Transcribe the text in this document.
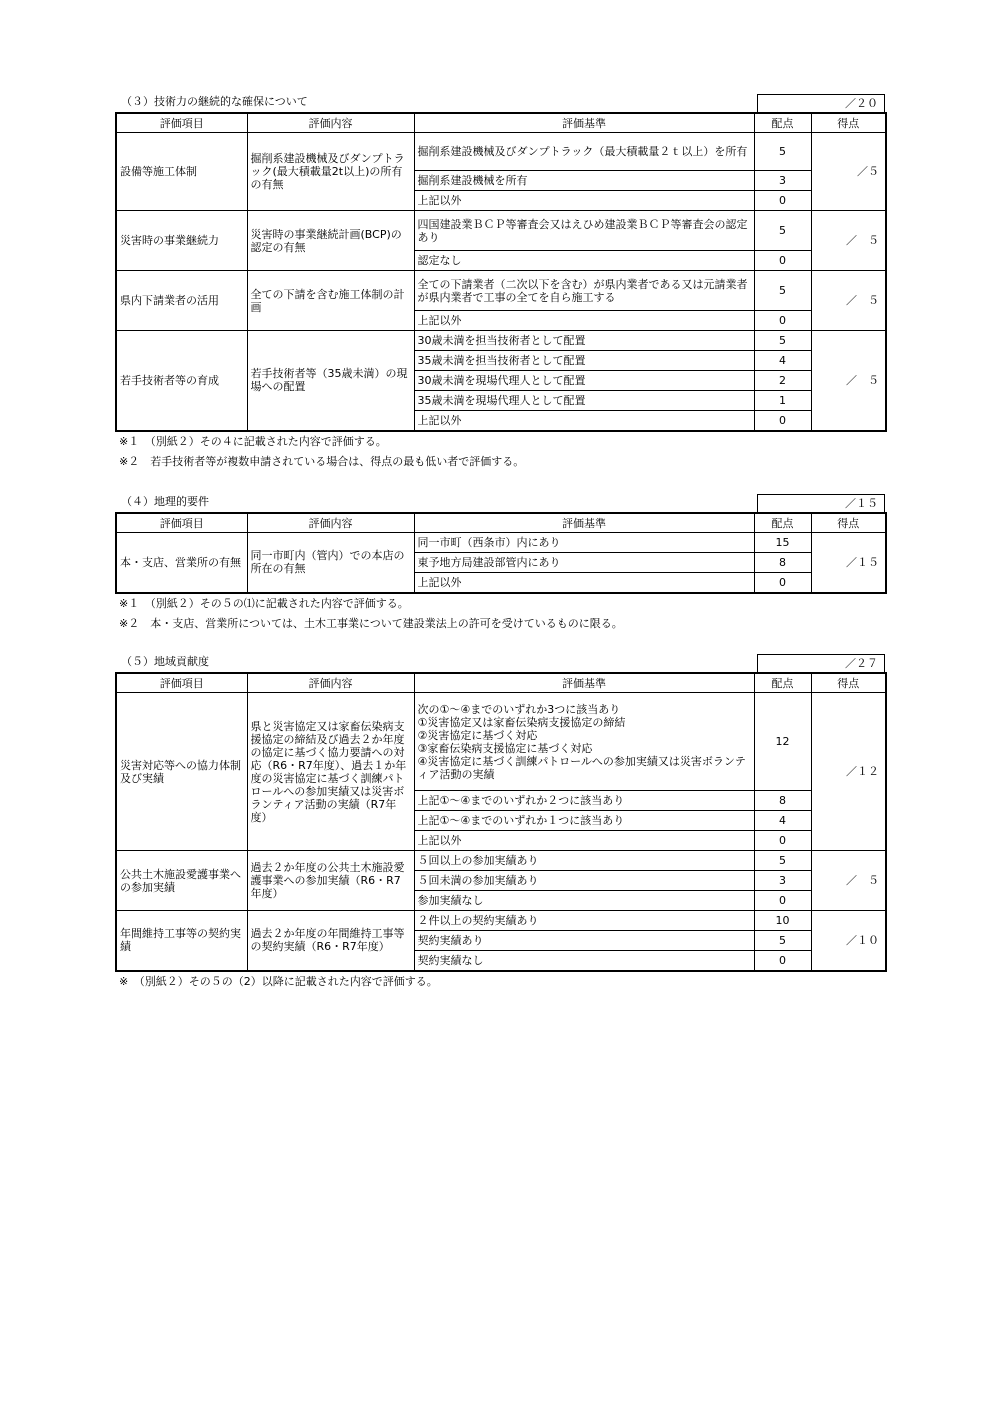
（３）技術力の継続的な確保について	／２０
評価項目	評価内容	評価基準	配点	得点
設備等施工体制	掘削系建設機械及びダンプトラック(最大積載量2t以上)の所有の有無	掘削系建設機械及びダンプトラック（最大積載量２ｔ以上）を所有	5	／５
		掘削系建設機械を所有	3	
		上記以外	0	
災害時の事業継続力	災害時の事業継続計画(BCP)の認定の有無	四国建設業ＢＣＰ等審査会又はえひめ建設業ＢＣＰ等審査会の認定あり	5	／　５
		認定なし	0	
県内下請業者の活用	全ての下請を含む施工体制の計画	全ての下請業者（二次以下を含む）が県内業者である又は元請業者が県内業者で工事の全てを自ら施工する	5	／　５
		上記以外	0	
若手技術者等の育成	若手技術者等（35歳未満）の現場への配置	30歳未満を担当技術者として配置	5	／　５
		35歳未満を担当技術者として配置	4	
		30歳未満を現場代理人として配置	2	
		35歳未満を現場代理人として配置	1	
		上記以外	0	
※１　（別紙２）その４に記載された内容で評価する。
※２　若手技術者等が複数申請されている場合は、得点の最も低い者で評価する。
（４）地理的要件	／１５
評価項目	評価内容	評価基準	配点	得点
本・支店、営業所の有無	同一市町内（管内）での本店の所在の有無	同一市町（西条市）内にあり	15	／１５
		東予地方局建設部管内にあり	8	
		上記以外	0	
※１　（別紙２）その５の⑴に記載された内容で評価する。
※２　本・支店、営業所については、土木工事業について建設業法上の許可を受けているものに限る。
（５）地域貢献度	／２７
評価項目	評価内容	評価基準	配点	得点
災害対応等への協力体制及び実績	県と災害協定又は家畜伝染病支援協定の締結及び過去２か年度の協定に基づく協力要請への対応（R6・R7年度）、過去１か年度の災害協定に基づく訓練パトロールへの参加実績又は災害ボランティア活動の実績（R7年度）	次の①～④までのいずれか3つに該当あり
①災害協定又は家畜伝染病支援協定の締結
②災害協定に基づく対応
③家畜伝染病支援協定に基づく対応
④災害協定に基づく訓練パトロールへの参加実績又は災害ボランティア活動の実績	12	／１２
		上記①～④までのいずれか２つに該当あり	8	
		上記①～④までのいずれか１つに該当あり	4	
		上記以外	0	
公共土木施設愛護事業への参加実績	過去２か年度の公共土木施設愛護事業への参加実績（R6・R7年度）	５回以上の参加実績あり	5	／　５
		５回未満の参加実績あり	3	
		参加実績なし	0	
年間維持工事等の契約実績	過去２か年度の年間維持工事等の契約実績（R6・R7年度）	２件以上の契約実績あり	10	／１０
		契約実績あり	5	
		契約実績なし	0	
※　（別紙２）その５の（2）以降に記載された内容で評価する。
